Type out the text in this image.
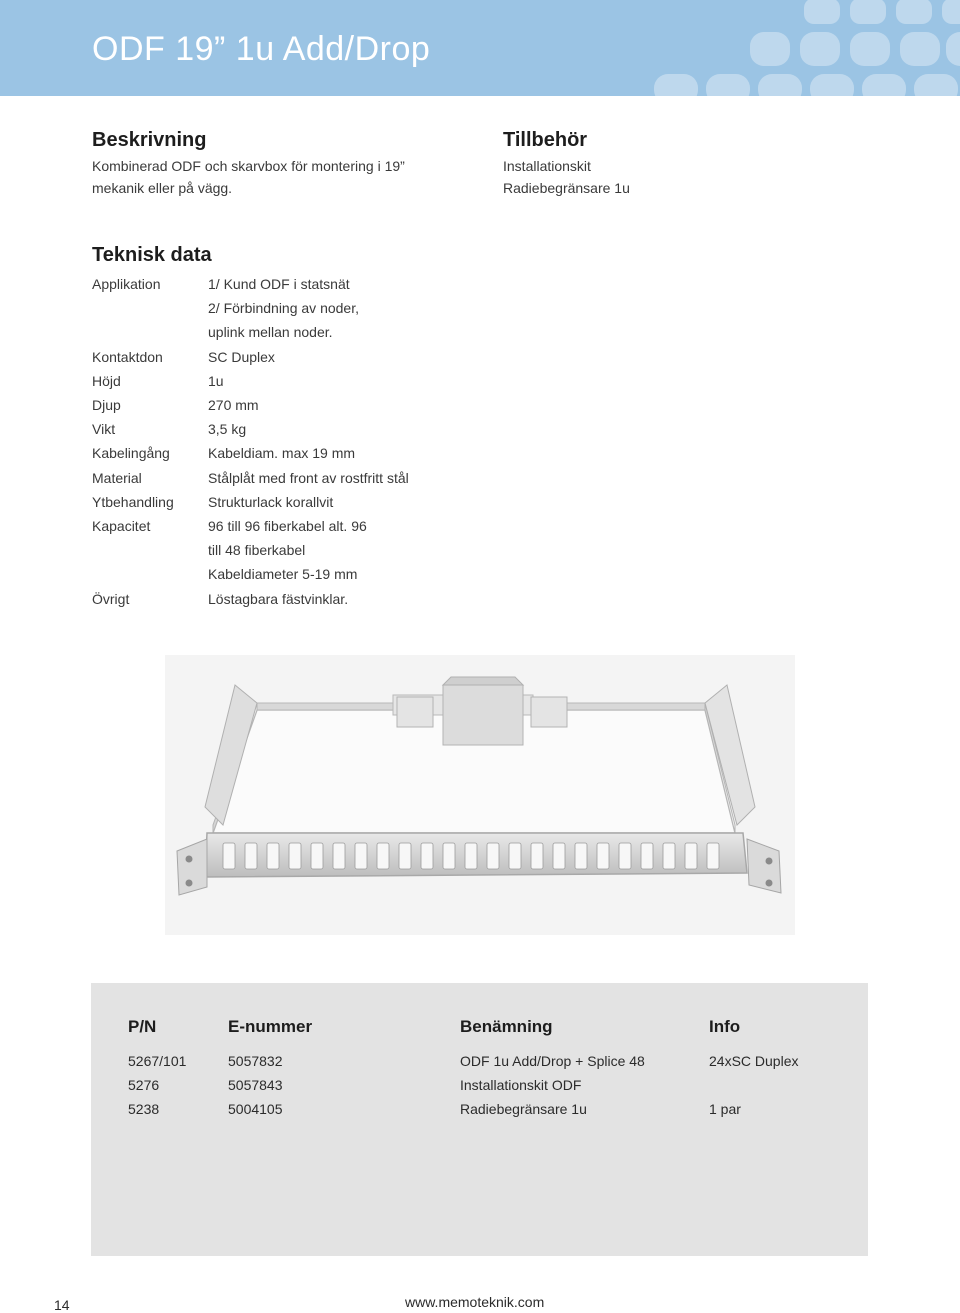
ODF 19” 1u Add/Drop
Beskrivning
Kombinerad ODF och skarvbox för montering i 19”
mekanik eller på vägg.
Tillbehör
Installationskit
Radiebegränsare 1u
Teknisk data
Applikation	1/ Kund ODF i statsnät
2/ Förbindning av noder,
uplink mellan noder.
Kontaktdon	SC Duplex
Höjd	1u
Djup	270 mm
Vikt	3,5 kg
Kabelingång	Kabeldiam. max 19 mm
Material	Stålplåt med front av rostfritt stål
Ytbehandling	Strukturlack korallvit
Kapacitet	96 till 96 fiberkabel alt. 96
till 48 fiberkabel
Kabeldiameter 5-19 mm
Övrigt	Löstagbara fästvinklar.
P/N	E-nummer	Benämning	Info
5267/101	5057832	ODF 1u Add/Drop + Splice 48	24xSC Duplex
5276	5057843	Installationskit ODF
5238	5004105	Radiebegränsare 1u	1 par
14	www.memoteknik.com
